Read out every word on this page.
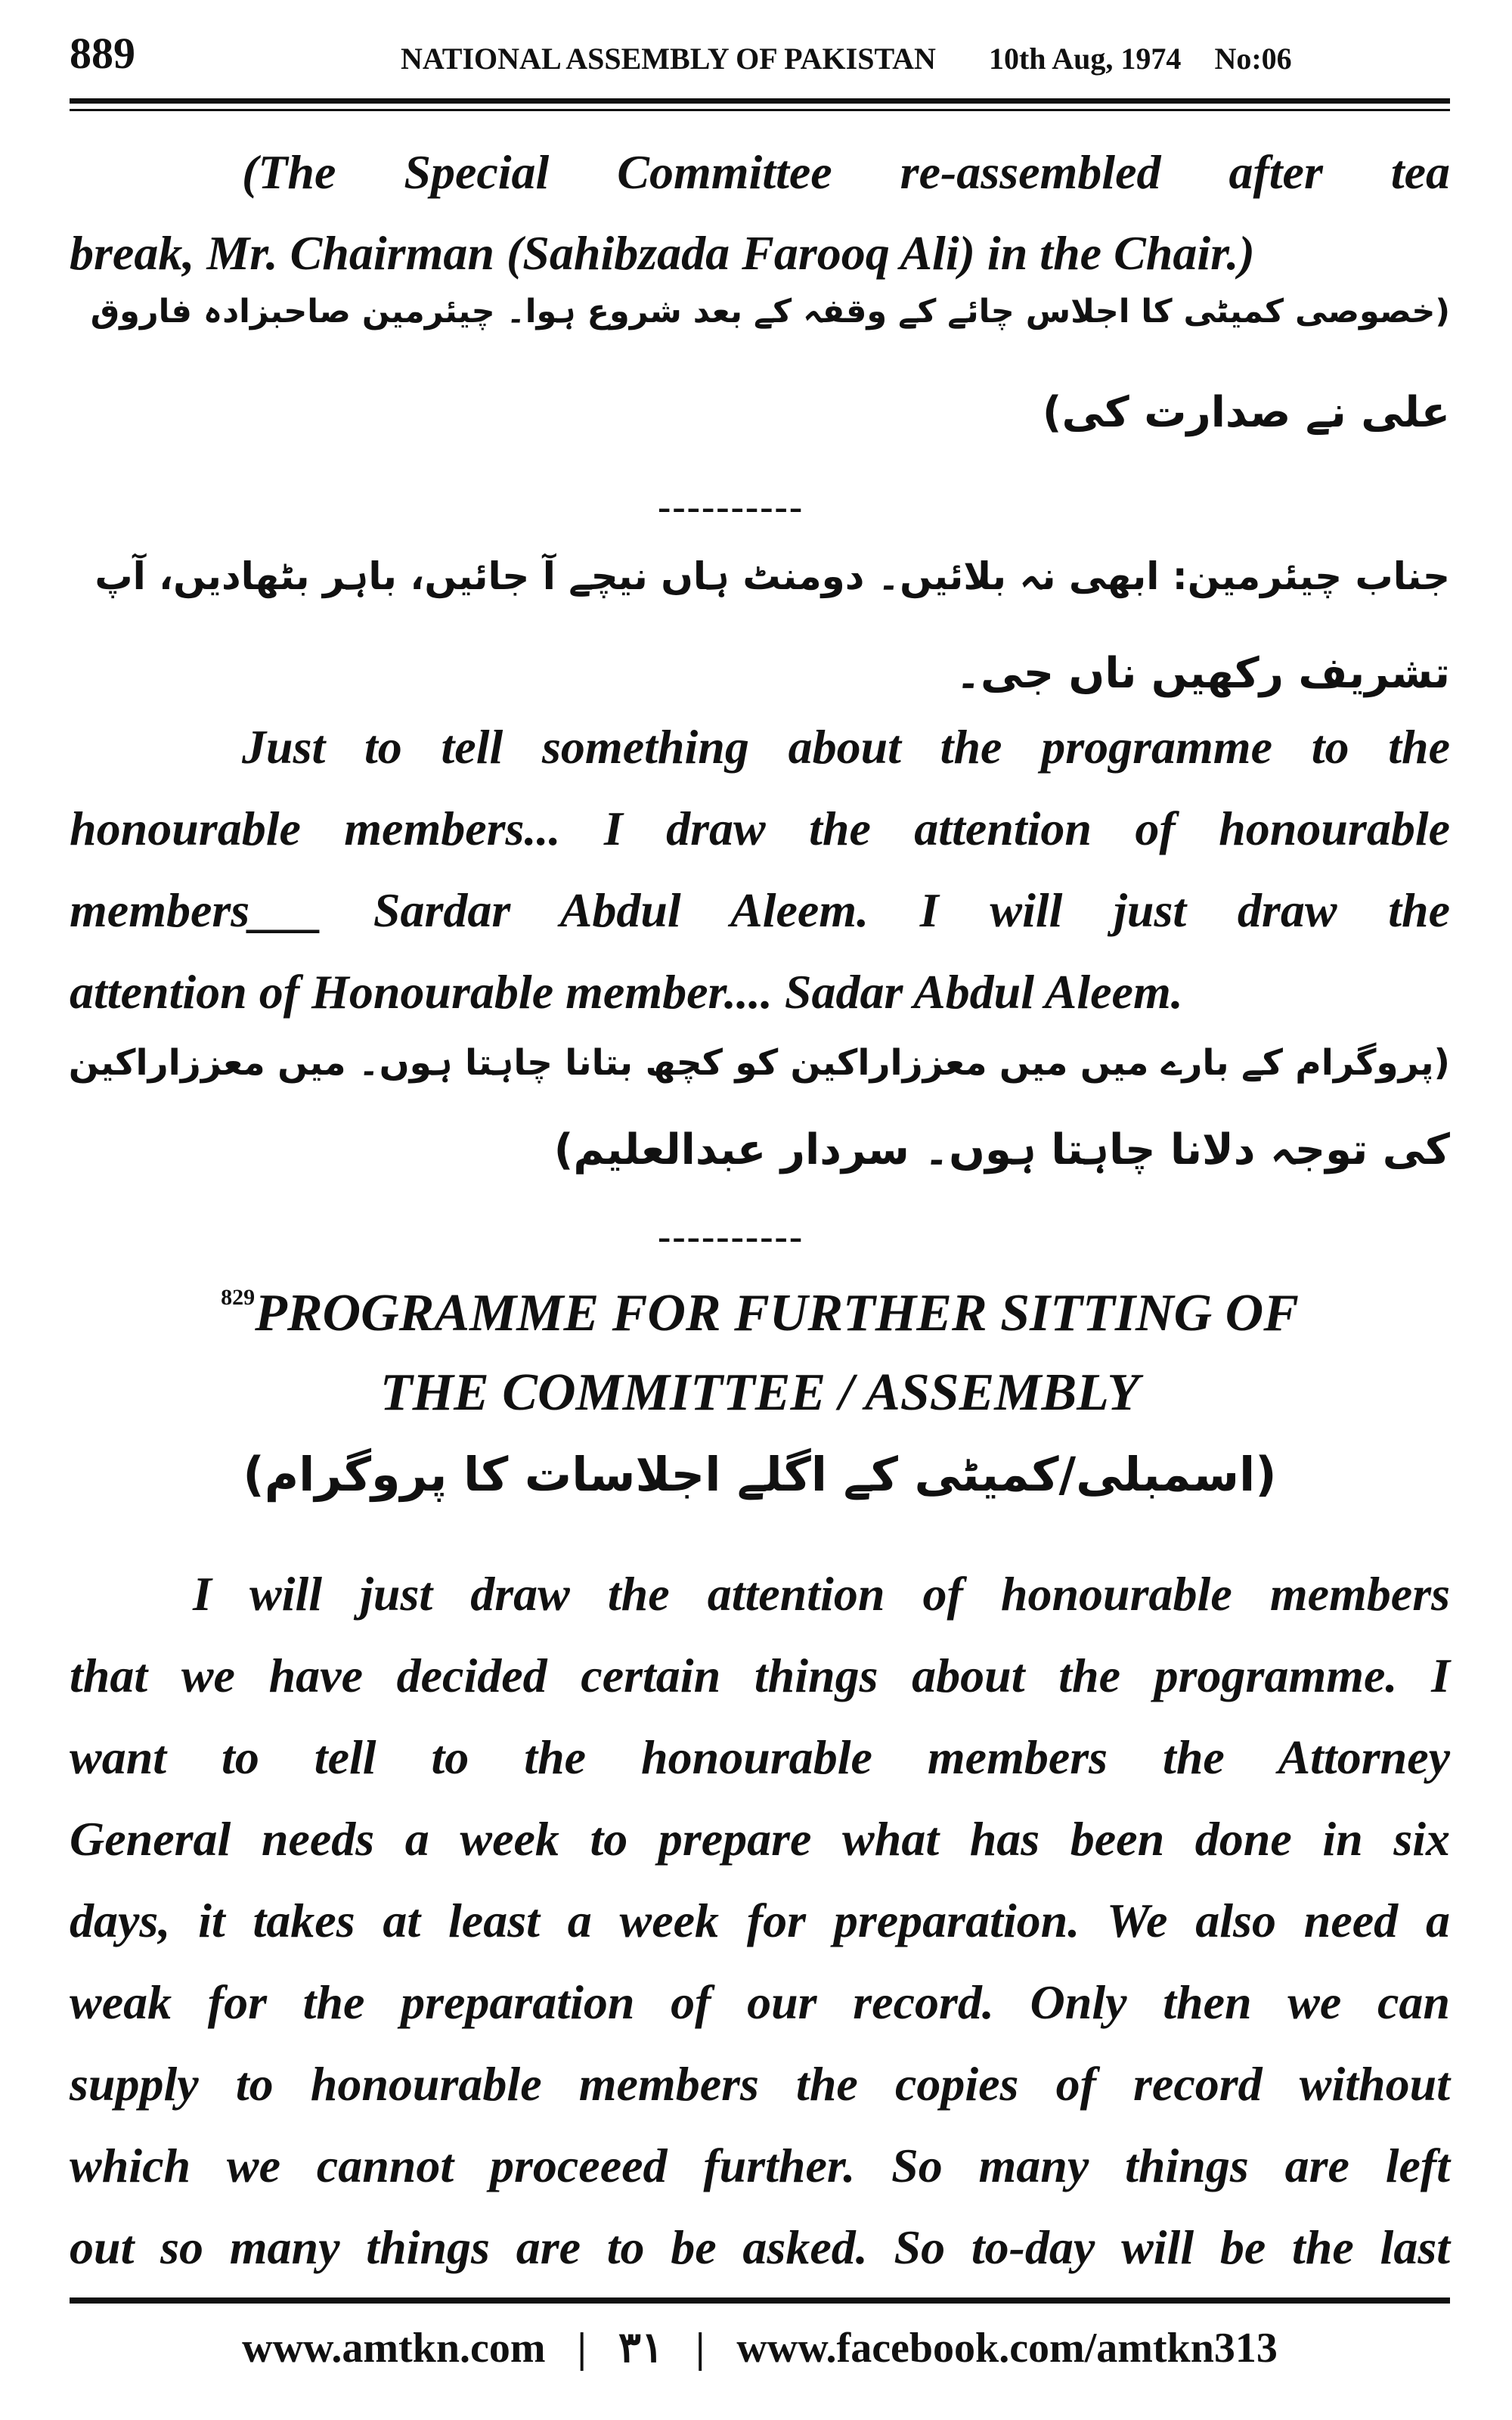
889	NATIONAL ASSEMBLY OF PAKISTAN 10th Aug, 1974 No:06
(The Special Committee re-assembled after tea
break, Mr. Chairman (Sahibzada Farooq Ali) in the Chair.)
(خصوصی کمیٹی کا اجلاس چائے کے وقفہ کے بعد شروع ہوا۔ چیئرمین صاحبزادہ فاروق
علی نے صدارت کی)
----------
جناب چیئرمین: ابھی نہ بلائیں۔ دومنٹ ہاں نیچے آ جائیں، باہر بٹھادیں، آپ
تشریف رکھیں ناں جی۔
Just to tell something about the programme to the
honourable members... I draw the attention of honourable
members___ Sardar Abdul Aleem. I will just draw the
attention of Honourable member.... Sadar Abdul Aleem.
(پروگرام کے بارے میں میں معززاراکین کو کچھ بتانا چاہتا ہوں۔ میں معززاراکین
کی توجہ دلانا چاہتا ہوں۔ سردار عبدالعلیم)
----------
$^{829}$PROGRAMME FOR FURTHER SITTING OF
THE COMMITTEE / ASSEMBLY
(اسمبلی/کمیٹی کے اگلے اجلاسات کا پروگرام)
I will just draw the attention of honourable members
that we have decided certain things about the programme. I
want to tell to the honourable members the Attorney
General needs a week to prepare what has been done in six
days, it takes at least a week for preparation. We also need a
weak for the preparation of our record. Only then we can
supply to honourable members the copies of record without
which we cannot proceeed further. So many things are left
out so many things are to be asked. So to-day will be the last
www.amtkn.com | ٣١ | www.facebook.com/amtkn313
